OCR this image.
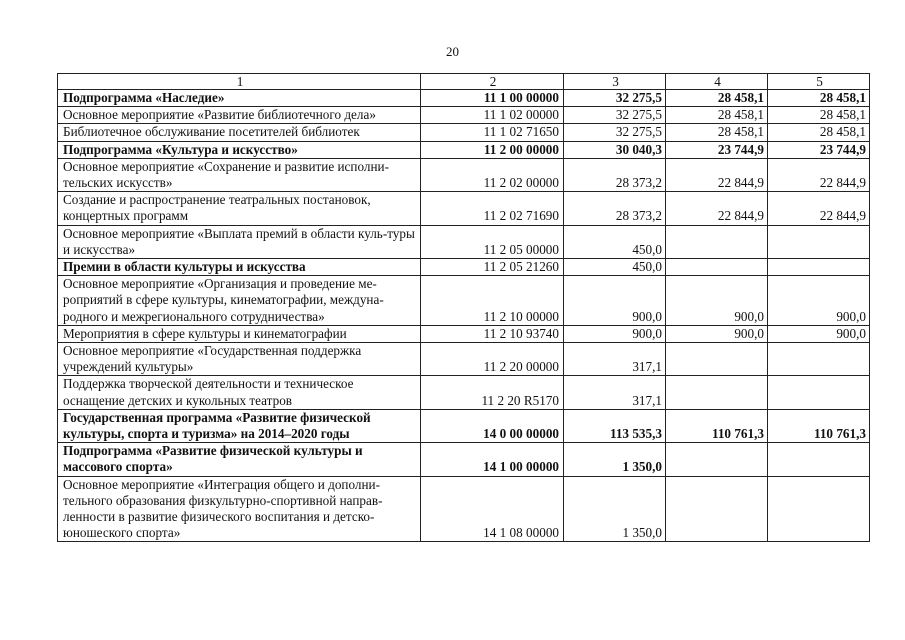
20
1	2	3	4	5
Подпрограмма «Наследие»	11 1 00 00000	32 275,5	28 458,1	28 458,1
Основное мероприятие «Развитие библиотечного дела»	11 1 02 00000	32 275,5	28 458,1	28 458,1
Библиотечное обслуживание посетителей библиотек	11 1 02 71650	32 275,5	28 458,1	28 458,1
Подпрограмма «Культура и искусство»	11 2 00 00000	30 040,3	23 744,9	23 744,9
Основное мероприятие «Сохранение и развитие исполни-тельских искусств»	11 2 02 00000	28 373,2	22 844,9	22 844,9
Создание и распространение театральных постановок, концертных программ	11 2 02 71690	28 373,2	22 844,9	22 844,9
Основное мероприятие «Выплата премий в области куль-туры и искусства»	11 2 05 00000	450,0		
Премии в области культуры и искусства	11 2 05 21260	450,0		
Основное мероприятие «Организация и проведение ме-роприятий в сфере культуры, кинематографии, междуна-родного и межрегионального сотрудничества»	11 2 10 00000	900,0	900,0	900,0
Мероприятия в сфере культуры и кинематографии	11 2 10 93740	900,0	900,0	900,0
Основное мероприятие «Государственная поддержка учреждений культуры»	11 2 20 00000	317,1		
Поддержка творческой деятельности и техническое оснащение детских и кукольных театров	11 2 20 R5170	317,1		
Государственная программа «Развитие физической культуры, спорта и туризма» на 2014–2020 годы	14 0 00 00000	113 535,3	110 761,3	110 761,3
Подпрограмма «Развитие физической культуры и массового спорта»	14 1 00 00000	1 350,0		
Основное мероприятие «Интеграция общего и дополни-тельного образования физкультурно-спортивной направ-ленности в развитие физического воспитания и детско-юношеского спорта»	14 1 08 00000	1 350,0		
